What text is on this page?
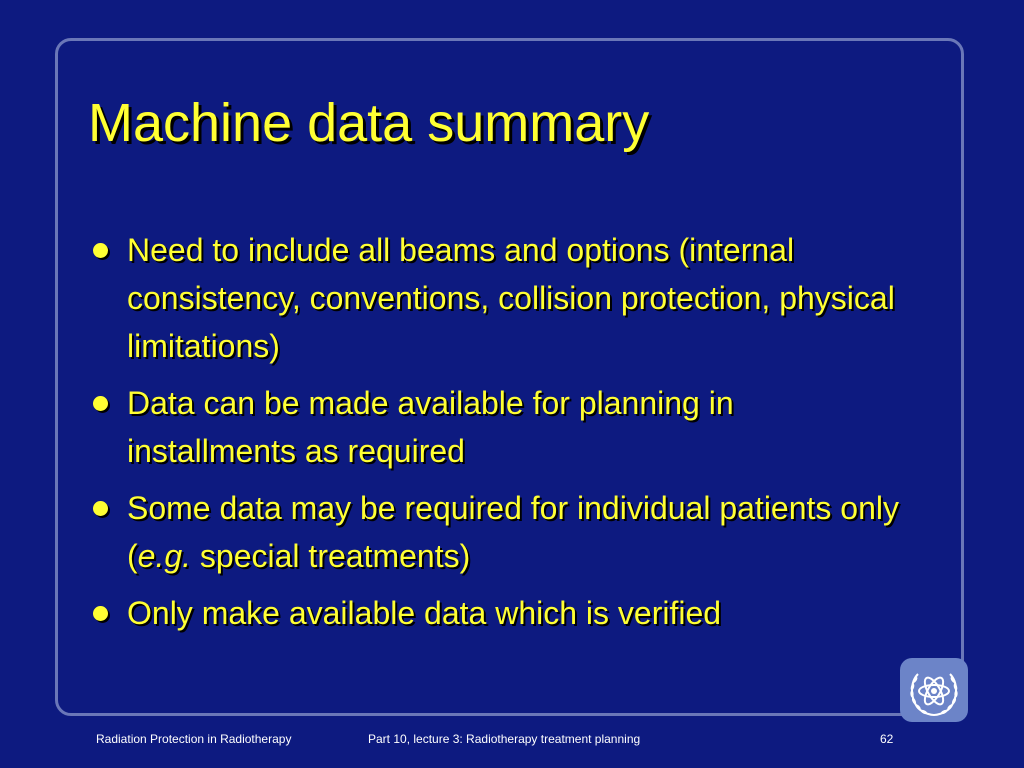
Machine data summary
Need to include all beams and options (internal consistency, conventions, collision protection, physical limitations)
Data can be made available for planning in installments as required
Some data may be required for individual patients only (e.g. special treatments)
Only make available data which is verified
Radiation Protection in Radiotherapy	Part 10, lecture 3: Radiotherapy treatment planning	62
